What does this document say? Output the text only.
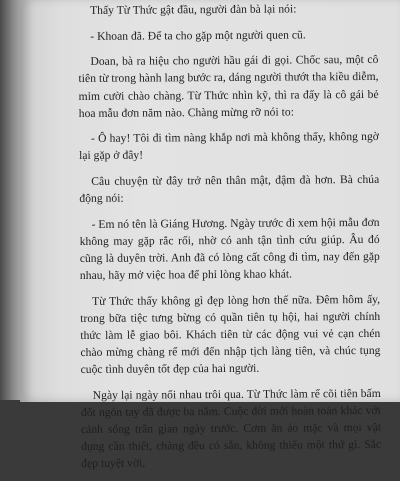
Thấy Từ Thức gật đầu, người đàn bà lại nói:

- Khoan đã. Để ta cho gặp một người quen cũ.

Doan, bà ra hiệu cho người hầu gái đi gọi. Chốc sau, một cô tiên từ trong hành lang bước ra, dáng người thướt tha kiều diễm, mỉm cười chào chàng. Từ Thức nhìn kỹ, thì ra đấy là cô gái bẻ hoa mẫu đơn năm nào. Chàng mừng rỡ nói to:

- Ô hay! Tôi đi tìm nàng khắp nơi mà không thấy, không ngờ lại gặp ở đây!

Câu chuyện từ đây trở nên thân mật, đậm đà hơn. Bà chúa động nói:

- Em nó tên là Giáng Hương. Ngày trước đi xem hội mẫu đơn không may gặp rắc rối, nhờ có anh tận tình cứu giúp. Âu đó cũng là duyên trời. Anh đã có lòng cất công đi tìm, nay đến gặp nhau, hãy mở việc hoa để phỉ lòng khao khát.

Từ Thức thấy không gì đẹp lòng hơn thế nữa. Đêm hôm ấy, trong bữa tiệc tưng bừng có quần tiên tụ hội, hai người chính thức làm lễ giao bôi. Khách tiên từ các động vui vẻ cạn chén chào mừng chàng rể mới đến nhập tịch làng tiên, và chúc tụng cuộc tình duyên tốt đẹp của hai người.

Ngày lại ngày nối nhau trôi qua. Từ Thức làm rể cõi tiên bấm đốt ngón tay đã được ba năm. Cuộc đời mới hoàn toàn khác với cảnh sống trần gian ngày trước. Cơm ăn áo mặc và mọi vật dụng cần thiết, chàng đều có sẵn, không thiếu một thứ gì. Sắc đẹp tuyệt vời,
